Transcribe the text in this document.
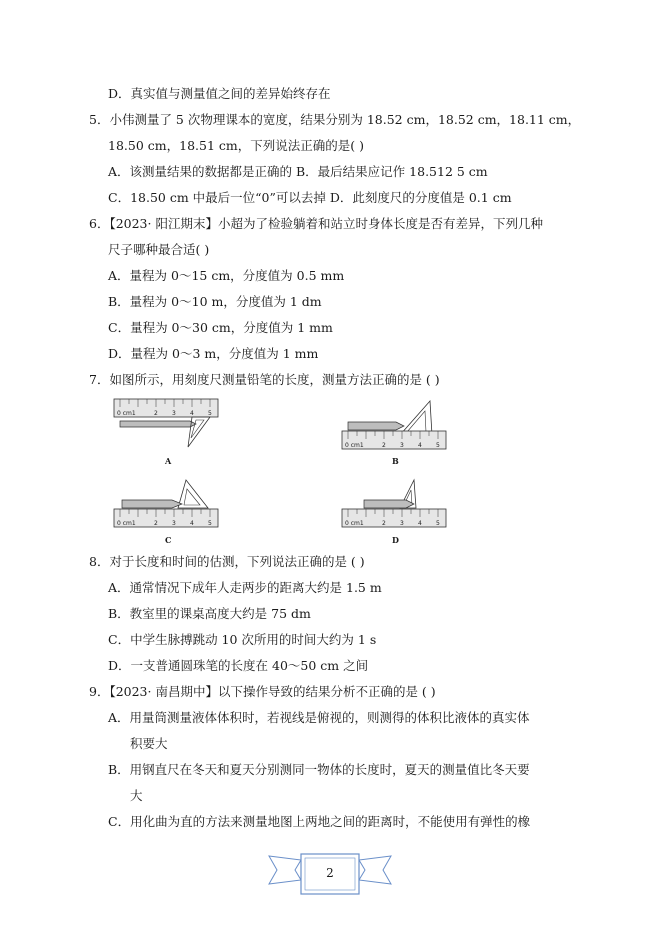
D．真实值与测量值之间的差异始终存在
5．小伟测量了 5 次物理课本的宽度，结果分别为 18.52 cm，18.52 cm，18.11 cm，
18.50 cm，18.51 cm，下列说法正确的是( )
A．该测量结果的数据都是正确的 B．最后结果应记作 18.512 5 cm
C．18.50 cm 中最后一位“0”可以去掉 D．此刻度尺的分度值是 0.1 cm
6．【2023· 阳江期末】小超为了检验躺着和站立时身体长度是否有差异，下列几种
尺子哪种最合适( )
A．量程为 0～15 cm，分度值为 0.5 mm
B．量程为 0～10 m，分度值为 1 dm
C．量程为 0～30 cm，分度值为 1 mm
D．量程为 0～3 m，分度值为 1 mm
7．如图所示，用刻度尺测量铅笔的长度，测量方法正确的是 ( )
0 cm1	2 3 4 5
A
0 cm1	2 3 4 5
B
0 cm1	2 3 4 5
C
0 cm1	2 3 4 5
D
8．对于长度和时间的估测，下列说法正确的是 ( )
A．通常情况下成年人走两步的距离大约是 1.5 m
B．教室里的课桌高度大约是 75 dm
C．中学生脉搏跳动 10 次所用的时间大约为 1 s
D．一支普通圆珠笔的长度在 40～50 cm 之间
9．【2023· 南昌期中】以下操作导致的结果分析不正确的是 ( )
A．用量筒测量液体体积时，若视线是俯视的，则测得的体积比液体的真实体
积要大
B．用钢直尺在冬天和夏天分别测同一物体的长度时，夏天的测量值比冬天要
大
C．用化曲为直的方法来测量地图上两地之间的距离时，不能使用有弹性的橡
2
